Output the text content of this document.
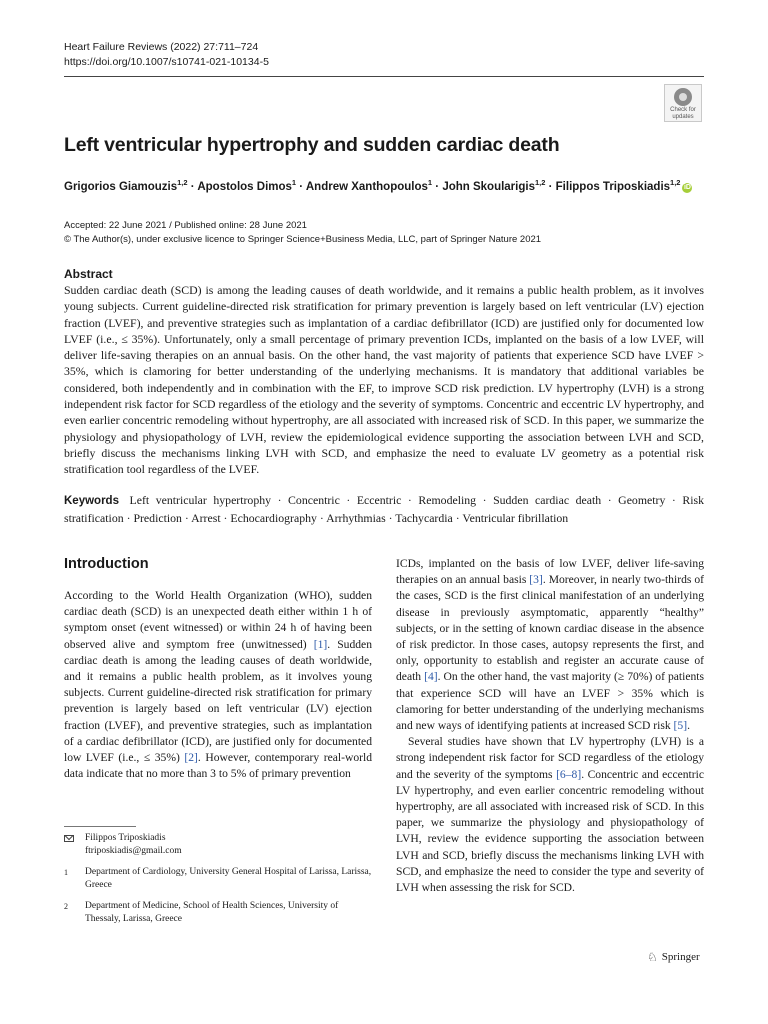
Heart Failure Reviews (2022) 27:711–724
https://doi.org/10.1007/s10741-021-10134-5
Check for
updates
Left ventricular hypertrophy and sudden cardiac death
Grigorios Giamouzis$^{1,2}$ · Apostolos Dimos$^1$ · Andrew Xanthopoulos$^1$ · John Skoularigis$^{1,2}$ · Filippos Triposkiadis$^{1,2}$iD
Accepted: 22 June 2021 / Published online: 28 June 2021
© The Author(s), under exclusive licence to Springer Science+Business Media, LLC, part of Springer Nature 2021
Abstract

Sudden cardiac death (SCD) is among the leading causes of death worldwide, and it remains a public health problem, as it involves young subjects. Current guideline-directed risk stratification for primary prevention is largely based on left ventricular (LV) ejection fraction (LVEF), and preventive strategies such as implantation of a cardiac defibrillator (ICD) are justified only for documented low LVEF (i.e., ≤ 35%). Unfortunately, only a small percentage of primary prevention ICDs, implanted on the basis of a low LVEF, will deliver life-saving therapies on an annual basis. On the other hand, the vast majority of patients that experience SCD have LVEF > 35%, which is clamoring for better understanding of the underlying mechanisms. It is mandatory that additional variables be considered, both independently and in combination with the EF, to improve SCD risk prediction. LV hypertrophy (LVH) is a strong independent risk factor for SCD regardless of the etiology and the severity of symptoms. Concentric and eccentric LV hypertrophy, and even earlier concentric remodeling without hypertrophy, are all associated with increased risk of SCD. In this paper, we summarize the physiology and physiopathology of LVH, review the epidemiological evidence supporting the association between LVH and SCD, briefly discuss the mechanisms linking LVH with SCD, and emphasize the need to evaluate LV geometry as a potential risk stratification tool regardless of the LVEF.

Keywords Left ventricular hypertrophy · Concentric · Eccentric · Remodeling · Sudden cardiac death · Geometry · Risk stratification · Prediction · Arrest · Echocardiography · Arrhythmias · Tachycardia · Ventricular fibrillation
Introduction

According to the World Health Organization (WHO), sudden cardiac death (SCD) is an unexpected death either within 1 h of symptom onset (event witnessed) or within 24 h of having been observed alive and symptom free (unwitnessed) [1]. Sudden cardiac death is among the leading causes of death worldwide, and it remains a public health problem, as it involves young subjects. Current guideline-directed risk stratification for primary prevention is largely based on left ventricular (LV) ejection fraction (LVEF), and preventive strategies, such as implantation of a cardiac defibrillator (ICD), are justified only for documented low LVEF (i.e., ≤ 35%) [2]. However, contemporary real-world data indicate that no more than 3 to 5% of primary prevention

ICDs, implanted on the basis of low LVEF, deliver life-saving therapies on an annual basis [3]. Moreover, in nearly two-thirds of the cases, SCD is the first clinical manifestation of an underlying disease in previously asymptomatic, apparently “healthy” subjects, or in the setting of known cardiac disease in the absence of risk predictor. In those cases, autopsy represents the first, and only, opportunity to establish and register an accurate cause of death [4]. On the other hand, the vast majority (≥ 70%) of patients that experience SCD will have an LVEF > 35% which is clamoring for better understanding of the underlying mechanisms and new ways of identifying patients at increased SCD risk [5].

Several studies have shown that LV hypertrophy (LVH) is a strong independent risk factor for SCD regardless of the etiology and the severity of the symptoms [6–8]. Concentric and eccentric LV hypertrophy, and even earlier concentric remodeling without hypertrophy, are all associated with increased risk of SCD. In this paper, we summarize the physiology and physiopathology of LVH, review the evidence supporting the association between LVH and SCD, briefly discuss the mechanisms linking LVH with SCD, and emphasize the need to consider the type and severity of LVH when assessing the risk for SCD.

Filippos Triposkiadis
ftriposkiadis@gmail.com
1	Department of Cardiology, University General Hospital of Larissa, Larissa, Greece
2	Department of Medicine, School of Health Sciences, University of Thessaly, Larissa, Greece
♘ Springer
